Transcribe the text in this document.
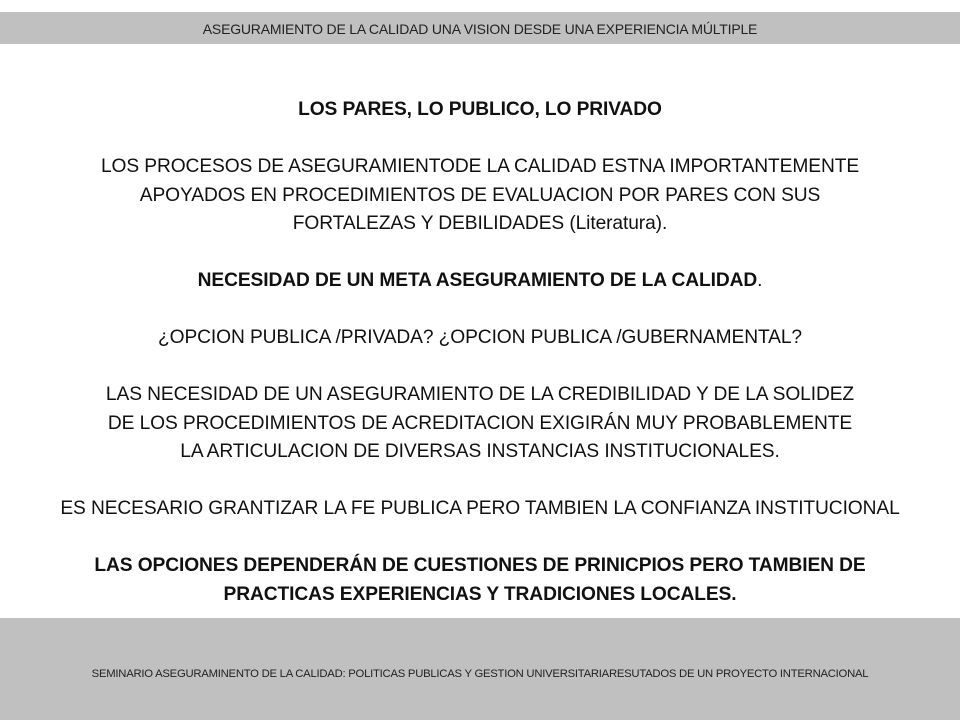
ASEGURAMIENTO DE LA CALIDAD UNA VISION DESDE UNA EXPERIENCIA MÚLTIPLE

LOS PARES, LO PUBLICO, LO PRIVADO

LOS PROCESOS DE ASEGURAMIENTODE LA CALIDAD ESTNA IMPORTANTEMENTE

APOYADOS EN PROCEDIMIENTOS DE EVALUACION POR PARES CON SUS

FORTALEZAS Y DEBILIDADES (Literatura).

NECESIDAD DE UN META ASEGURAMIENTO DE LA CALIDAD.

¿OPCION PUBLICA /PRIVADA? ¿OPCION PUBLICA /GUBERNAMENTAL?

LAS NECESIDAD DE UN ASEGURAMIENTO DE LA CREDIBILIDAD Y DE LA SOLIDEZ

DE LOS PROCEDIMIENTOS DE ACREDITACION EXIGIRÁN MUY PROBABLEMENTE

LA ARTICULACION DE DIVERSAS INSTANCIAS INSTITUCIONALES.

ES NECESARIO GRANTIZAR LA FE PUBLICA PERO TAMBIEN LA CONFIANZA INSTITUCIONAL

LAS OPCIONES DEPENDERÁN DE CUESTIONES DE PRINICPIOS PERO TAMBIEN DE

PRACTICAS EXPERIENCIAS Y TRADICIONES LOCALES.

SEMINARIO ASEGURAMINENTO DE LA CALIDAD: POLITICAS PUBLICAS Y GESTION UNIVERSITARIARESUTADOS DE UN PROYECTO INTERNACIONAL
